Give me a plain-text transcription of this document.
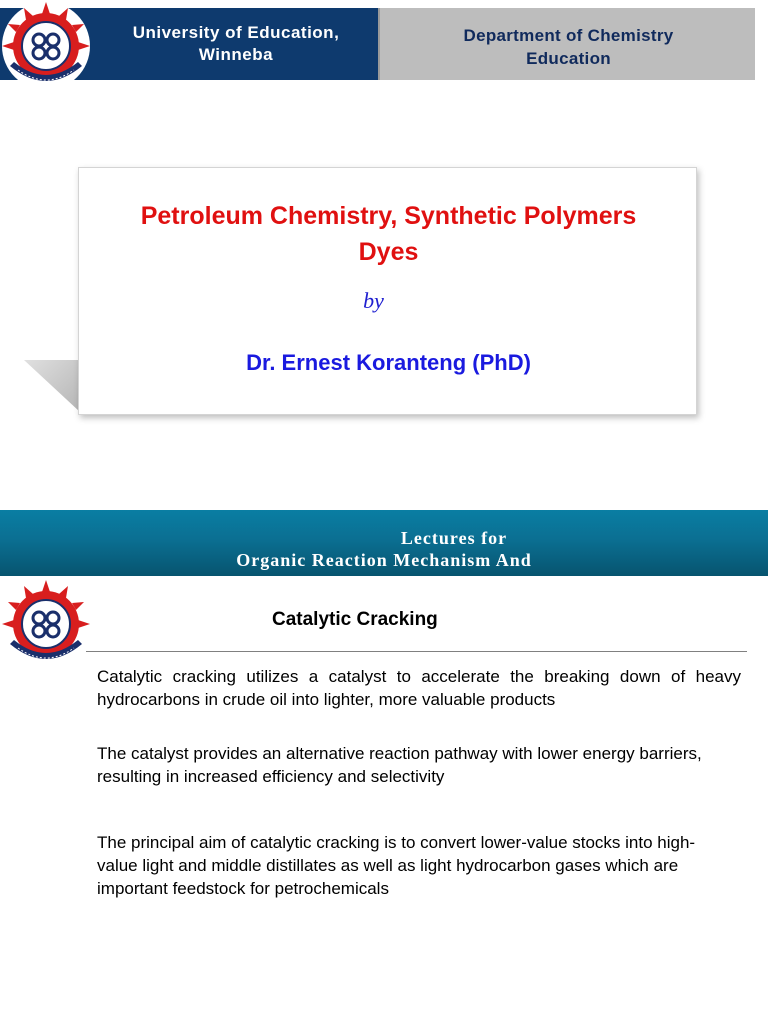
University of Education,
Winneba
Department of Chemistry
Education
Petroleum Chemistry, Synthetic Polymers
Dyes
by
Dr. Ernest Koranteng (PhD)
Lectures for
Organic Reaction Mechanism And
Catalytic Cracking
Catalytic cracking utilizes a catalyst to accelerate the breaking down of heavy hydrocarbons in crude oil into lighter, more valuable products
The catalyst provides an alternative reaction pathway with lower energy barriers, resulting in increased efficiency and selectivity
The principal aim of catalytic cracking is to convert lower-value stocks into high-value light and middle distillates as well as light hydrocarbon gases which are important feedstock for petrochemicals
